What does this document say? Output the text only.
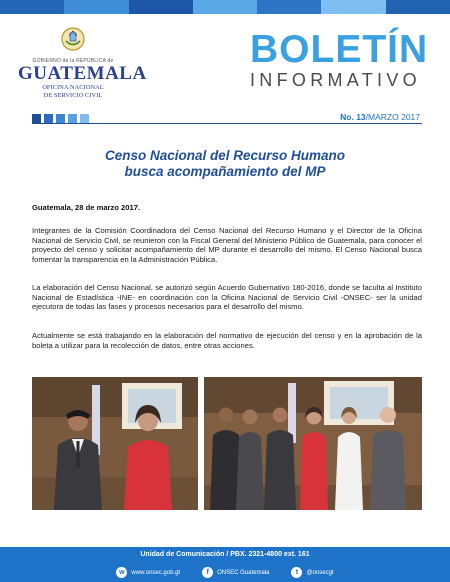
GOBIERNO de la REPÚBLICA de
GUATEMALA
OFICINA NACIONAL
DE SERVICIO CIVIL
BOLETÍN
INFORMATIVO
No. 13/MARZO 2017
Censo Nacional del Recurso Humano
busca acompañamiento del MP
Guatemala, 28 de marzo 2017.
Integrantes de la Comisión Coordinadora del Censo Nacional del Recurso Humano y el Director de la Oficina Nacional de Servicio Civil, se reunieron con la Fiscal General del Ministerio Público de Guatemala, para conocer el proyecto del censo y solicitar acompañamiento del MP durante el desarrollo del mismo. El Censo Nacional busca fomentar la transparencia en la Administración Pública.
La elaboración del Censo Nacional, se autorizó según Acuerdo Gubernativo 180-2016, donde se faculta al Instituto Nacional de Estadística -INE- en coordinación con la Oficina Nacional de Servicio Civil -ONSEC- ser la unidad ejecutora de todas las fases y procesos necesarios para el desarrollo del mismo.
Actualmente se está trabajando en la elaboración del normativo de ejecución del censo y en la aprobación de la boleta a utilizar para la recolección de datos, entre otras acciones.
Unidad de Comunicación / PBX. 2321-4800 ext. 161
w	www.onsec.gob.gt	f	ONSEC Guatemala	t	@onsecgt
